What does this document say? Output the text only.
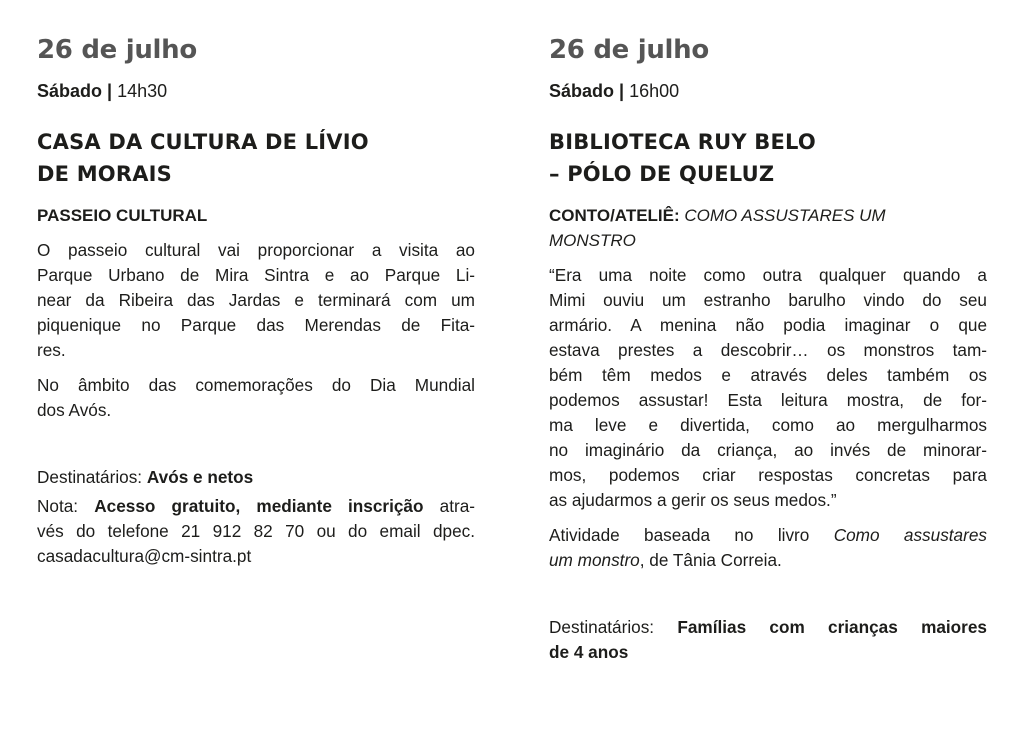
26 de julho
Sábado | 14h30
CASA DA CULTURA DE LÍVIO
DE MORAIS
PASSEIO CULTURAL

O passeio cultural vai proporcionar a visita ao
Parque Urbano de Mira Sintra e ao Parque Li-
near da Ribeira das Jardas e terminará com um
piquenique no Parque das Merendas de Fita-
res.

No âmbito das comemorações do Dia Mundial
dos Avós.

Destinatários: Avós e netos

Nota: Acesso gratuito, mediante inscrição atra-
vés do telefone 21 912 82 70 ou do email dpec.
casadacultura@cm-sintra.pt

26 de julho
Sábado | 16h00
BIBLIOTECA RUY BELO
– PÓLO DE QUELUZ
CONTO/ATELIÊ: COMO ASSUSTARES UM
MONSTRO

“Era uma noite como outra qualquer quando a
Mimi ouviu um estranho barulho vindo do seu
armário. A menina não podia imaginar o que
estava prestes a descobrir… os monstros tam-
bém têm medos e através deles também os
podemos assustar! Esta leitura mostra, de for-
ma leve e divertida, como ao mergulharmos
no imaginário da criança, ao invés de minorar-
mos, podemos criar respostas concretas para
as ajudarmos a gerir os seus medos.”

Atividade baseada no livro Como assustares
um monstro, de Tânia Correia.

Destinatários: Famílias com crianças maiores
de 4 anos
